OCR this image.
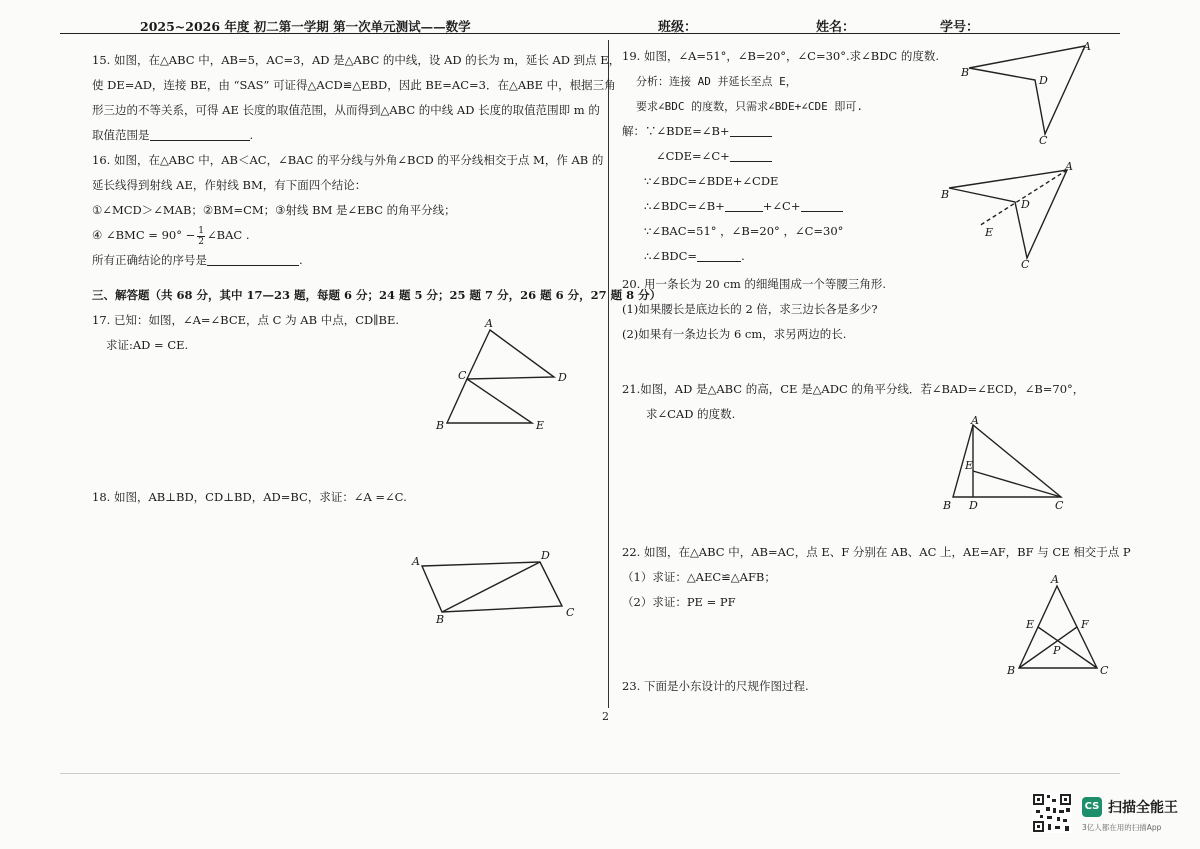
2025~2026 年度 初二第一学期 第一次单元测试——数学	班级：	姓名：	学号：
15. 如图，在△ABC 中，AB=5，AC=3，AD 是△ABC 的中线，设 AD 的长为 m，延长 AD 到点 E，
使 DE=AD，连接 BE，由 “SAS” 可证得△ACD≌△EBD，因此 BE=AC=3．在△ABE 中，根据三角
形三边的不等关系，可得 AE 长度的取值范围，从而得到△ABC 的中线 AD 长度的取值范围即 m 的
取值范围是	.
16. 如图，在△ABC 中，AB＜AC，∠BAC 的平分线与外角∠BCD 的平分线相交于点 M，作 AB 的
延长线得到射线 AE，作射线 BM，有下面四个结论：
①∠MCD＞∠MAB；②BM=CM；③射线 BM 是∠EBC 的角平分线；
④ ∠BMC = $90^\circ - \frac{1}{2}$ ∠BAC .
所有正确结论的序号是	.
三、解答题（共 68 分，其中 17—23 题，每题 6 分；24 题 5 分；25 题 7 分，26 题 6 分，27 题 8 分）
17. 已知：如图，∠A=∠BCE，点 C 为 AB 中点，CD∥BE.
求证:AD = CE.
A
C	D
B	E
18. 如图，AB⊥BD，CD⊥BD，AD=BC，求证：∠A =∠C.
A	D
C
B
19. 如图，∠A=51°，∠B=20°，∠C=30°.求∠BDC 的度数.
分析：连接 AD 并延长至点 E，
要求∠BDC 的度数，只需求∠BDE+∠CDE 即可.
解：∵∠BDE=∠B+
∠CDE=∠C+
∵∠BDC=∠BDE+∠CDE
∴∠BDC=∠B+	+∠C+
∵∠BAC=51° ，∠B=20° ，∠C=30°
∴∠BDC=	.
A
B
D
C
A
B
D
E
C
20. 用一条长为 20 cm 的细绳围成一个等腰三角形.
(1)如果腰长是底边长的 2 倍，求三边长各是多少?
(2)如果有一条边长为 6 cm，求另两边的长.
21.如图，AD 是△ABC 的高，CE 是△ADC 的角平分线．若∠BAD=∠ECD，∠B=70°，
求∠CAD 的度数.	A
E
B D	C
22. 如图，在△ABC 中，AB=AC，点 E、F 分别在 AB、AC 上，AE=AF，BF 与 CE 相交于点 P
（1）求证：△AEC≌△AFB；
（2）求证：PE = PF
A
E	F
P
B	C
23. 下面是小东设计的尺规作图过程.
2
CS 扫描全能王
3亿人都在用的扫描App
